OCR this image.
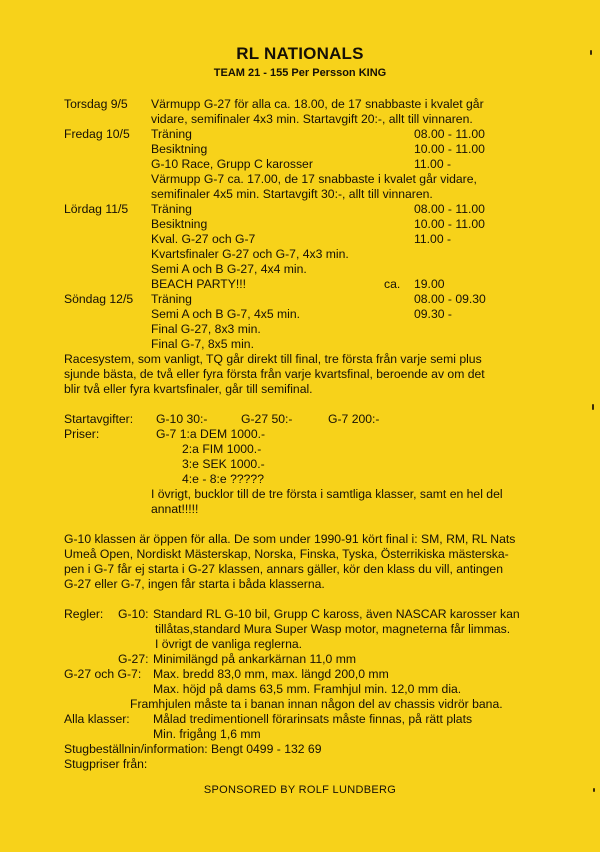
RL NATIONALS
TEAM 21 - 155 Per Persson KING
Torsdag 9/5 Värmupp G-27 för alla ca. 18.00, de 17 snabbaste i kvalet går
vidare, semifinaler 4x3 min. Startavgift 20:-, allt till vinnaren.
Fredag 10/5 Träning	08.00 - 11.00
Besiktning	10.00 - 11.00
G-10 Race, Grupp C karosser	11.00 -
Värmupp G-7 ca. 17.00, de 17 snabbaste i kvalet går vidare,
semifinaler 4x5 min. Startavgift 30:-, allt till vinnaren.
Lördag 11/5 Träning	08.00 - 11.00
Besiktning	10.00 - 11.00
Kval. G-27 och G-7	11.00 -
Kvartsfinaler G-27 och G-7, 4x3 min.
Semi A och B G-27, 4x4 min.
BEACH PARTY!!!	ca. 19.00
Söndag 12/5 Träning	08.00 - 09.30
Semi A och B G-7, 4x5 min.	09.30 -
Final G-27, 8x3 min.
Final G-7, 8x5 min.
Racesystem, som vanligt, TQ går direkt till final, tre första från varje semi plus
sjunde bästa, de två eller fyra första från varje kvartsfinal, beroende av om det
blir två eller fyra kvartsfinaler, går till semifinal.
Startavgifter: G-10 30:-	G-27 50:-	G-7 200:-
Priser:	G-7 1:a DEM 1000.-
2:a FIM 1000.-
3:e SEK 1000.-
4:e - 8:e ?????
I övrigt, bucklor till de tre första i samtliga klasser, samt en hel del
annat!!!!!
G-10 klassen är öppen för alla. De som under 1990-91 kört final i: SM, RM, RL Nats
Umeå Open, Nordiskt Mästerskap, Norska, Finska, Tyska, Österrikiska mästerska-
pen i G-7 får ej starta i G-27 klassen, annars gäller, kör den klass du vill, antingen
G-27 eller G-7, ingen får starta i båda klasserna.
Regler: G-10: Standard RL G-10 bil, Grupp C kaross, även NASCAR karosser kan
tillåtas,standard Mura Super Wasp motor, magneterna får limmas.
I övrigt de vanliga reglerna.
G-27: Minimilängd på ankarkärnan 11,0 mm
G-27 och G-7: Max. bredd 83,0 mm, max. längd 200,0 mm
Max. höjd på dams 63,5 mm. Framhjul min. 12,0 mm dia.
Framhjulen måste ta i banan innan någon del av chassis vidrör bana.
Alla klasser: Målad tredimentionell förarinsats måste finnas, på rätt plats
Min. frigång 1,6 mm
Stugbeställnin/information: Bengt 0499 - 132 69
Stugpriser från:
SPONSORED BY ROLF LUNDBERG
